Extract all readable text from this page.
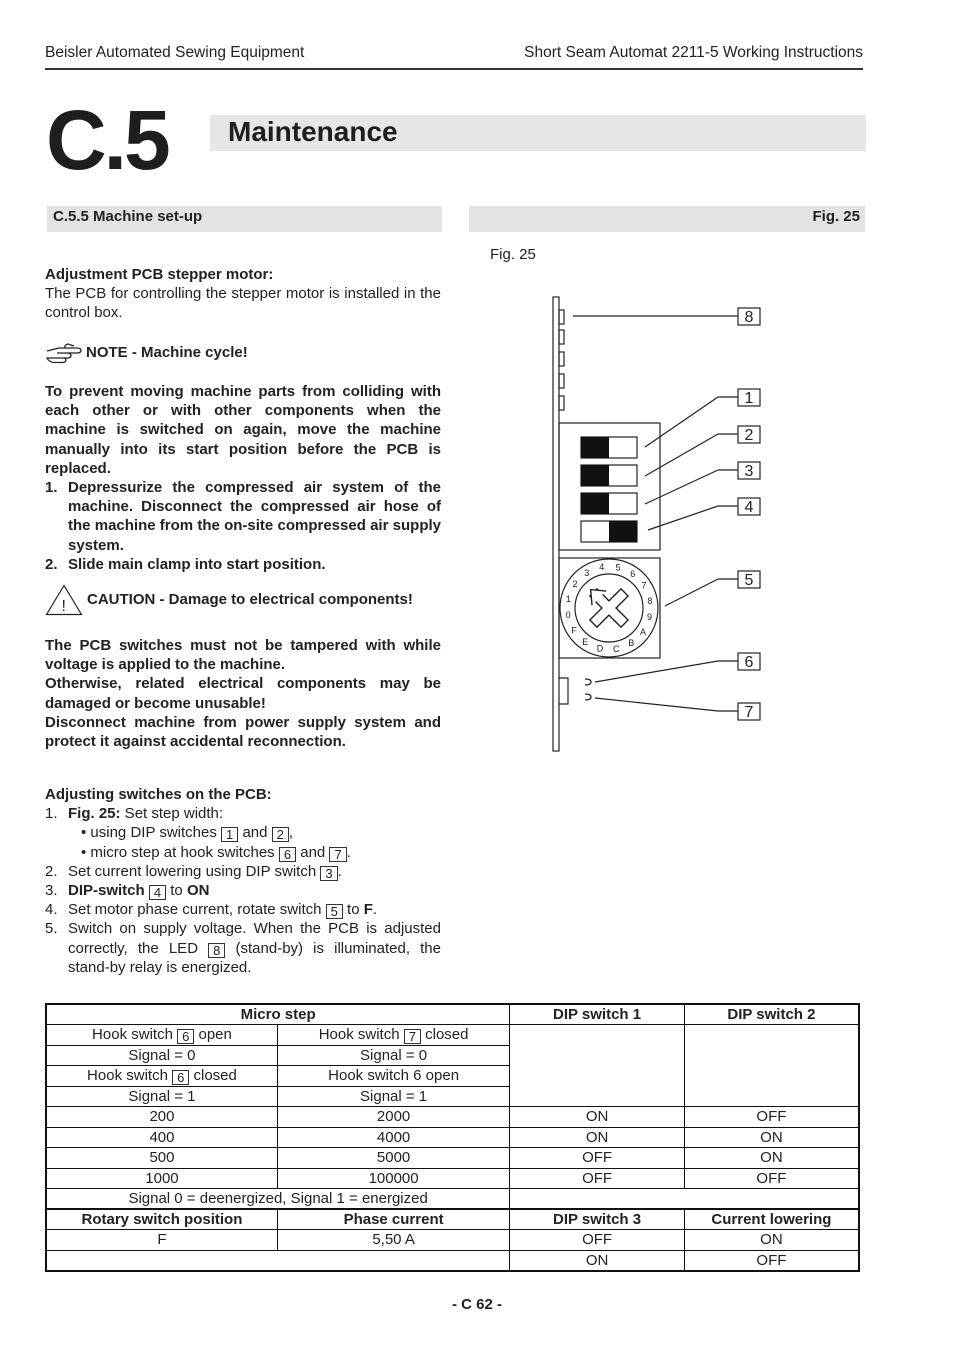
Beisler Automated Sewing Equipment	Short Seam Automat 2211-5 Working Instructions
C.5 Maintenance
C.5.5 Machine set-up	Fig. 25
Fig. 25
Adjustment PCB stepper motor:
The PCB for controlling the stepper motor is installed in the control box.
NOTE - Machine cycle!
To prevent moving machine parts from colliding with each other or with other components when the machine is switched on again, move the machine manually into its start position before the PCB is replaced.
1. Depressurize the compressed air system of the machine. Disconnect the compressed air hose of the machine from the on-site compressed air supply system.
2. Slide main clamp into start position.
! CAUTION - Damage to electrical components!
The PCB switches must not be tampered with while voltage is applied to the machine.
Otherwise, related electrical components may be damaged or become unusable!
Disconnect machine from power supply system and protect it against accidental reconnection.
Adjusting switches on the PCB:
1. Fig. 25: Set step width:
• using DIP switches 1 and 2 ,
• micro step at hook switches 6 and 7 .
2. Set current lowering using DIP switch 3 .
3. DIP-switch 4 to ON
4. Set motor phase current, rotate switch 5 to F.
5. Switch on supply voltage. When the PCB is adjusted correctly, the LED 8 (stand-by) is illuminated, the stand-by relay is energized.
0
1
2
3
4 5
6
7
8
9
A
B
C
D
E
F
8
1
2
3
4
5
6
7
Micro step		DIP switch 1	DIP switch 2
Hook switch 6 open	Hook switch 7 closed		
Signal = 0	Signal = 0		
Hook switch 6 closed	Hook switch 6 open		
Signal = 1	Signal = 1		
200	2000	ON	OFF
400	4000	ON	ON
500	5000	OFF	ON
1000	100000	OFF	OFF
Signal 0 = deenergized, Signal 1 = energized			
Rotary switch position	Phase current	DIP switch 3	Current lowering
F	5,50 A	OFF	ON
		ON	OFF
- C 62 -
